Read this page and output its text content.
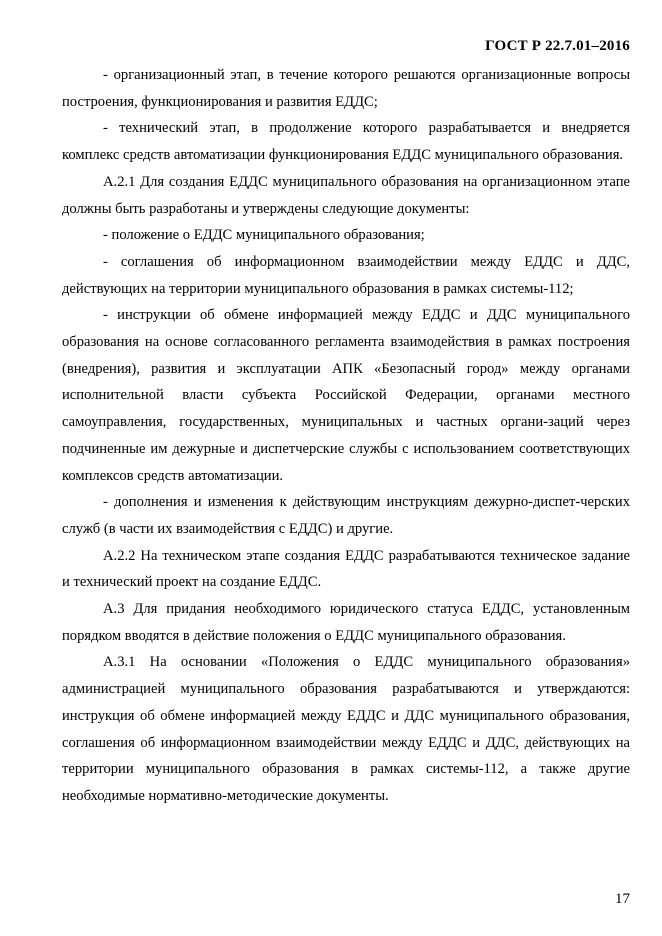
ГОСТ Р 22.7.01–2016

- организационный этап, в течение которого решаются организационные вопросы построения, функционирования и развития ЕДДС;

- технический этап, в продолжение которого разрабатывается и внедряется комплекс средств автоматизации функционирования ЕДДС муниципального образования.

А.2.1 Для создания ЕДДС муниципального образования на организационном этапе должны быть разработаны и утверждены следующие документы:

- положение о ЕДДС муниципального образования;

- соглашения об информационном взаимодействии между ЕДДС и ДДС, действующих на территории муниципального образования в рамках системы-112;

- инструкции об обмене информацией между ЕДДС и ДДС муниципального образования на основе согласованного регламента взаимодействия в рамках построения (внедрения), развития и эксплуатации АПК «Безопасный город» между органами исполнительной власти субъекта Российской Федерации, органами местного самоуправления, государственных, муниципальных и частных органи-заций через подчиненные им дежурные и диспетчерские службы с использованием соответствующих комплексов средств автоматизации.

- дополнения и изменения к действующим инструкциям дежурно-диспет-черских служб (в части их взаимодействия с ЕДДС) и другие.

А.2.2 На техническом этапе создания ЕДДС разрабатываются техническое задание и технический проект на создание ЕДДС.

А.3 Для придания необходимого юридического статуса ЕДДС, установленным порядком вводятся в действие положения о ЕДДС муниципального образования.

А.3.1 На основании «Положения о ЕДДС муниципального образования» администрацией муниципального образования разрабатываются и утверждаются: инструкция об обмене информацией между ЕДДС и ДДС муниципального образования, соглашения об информационном взаимодействии между ЕДДС и ДДС, действующих на территории муниципального образования в рамках системы-112, а также другие необходимые нормативно-методические документы.

17
